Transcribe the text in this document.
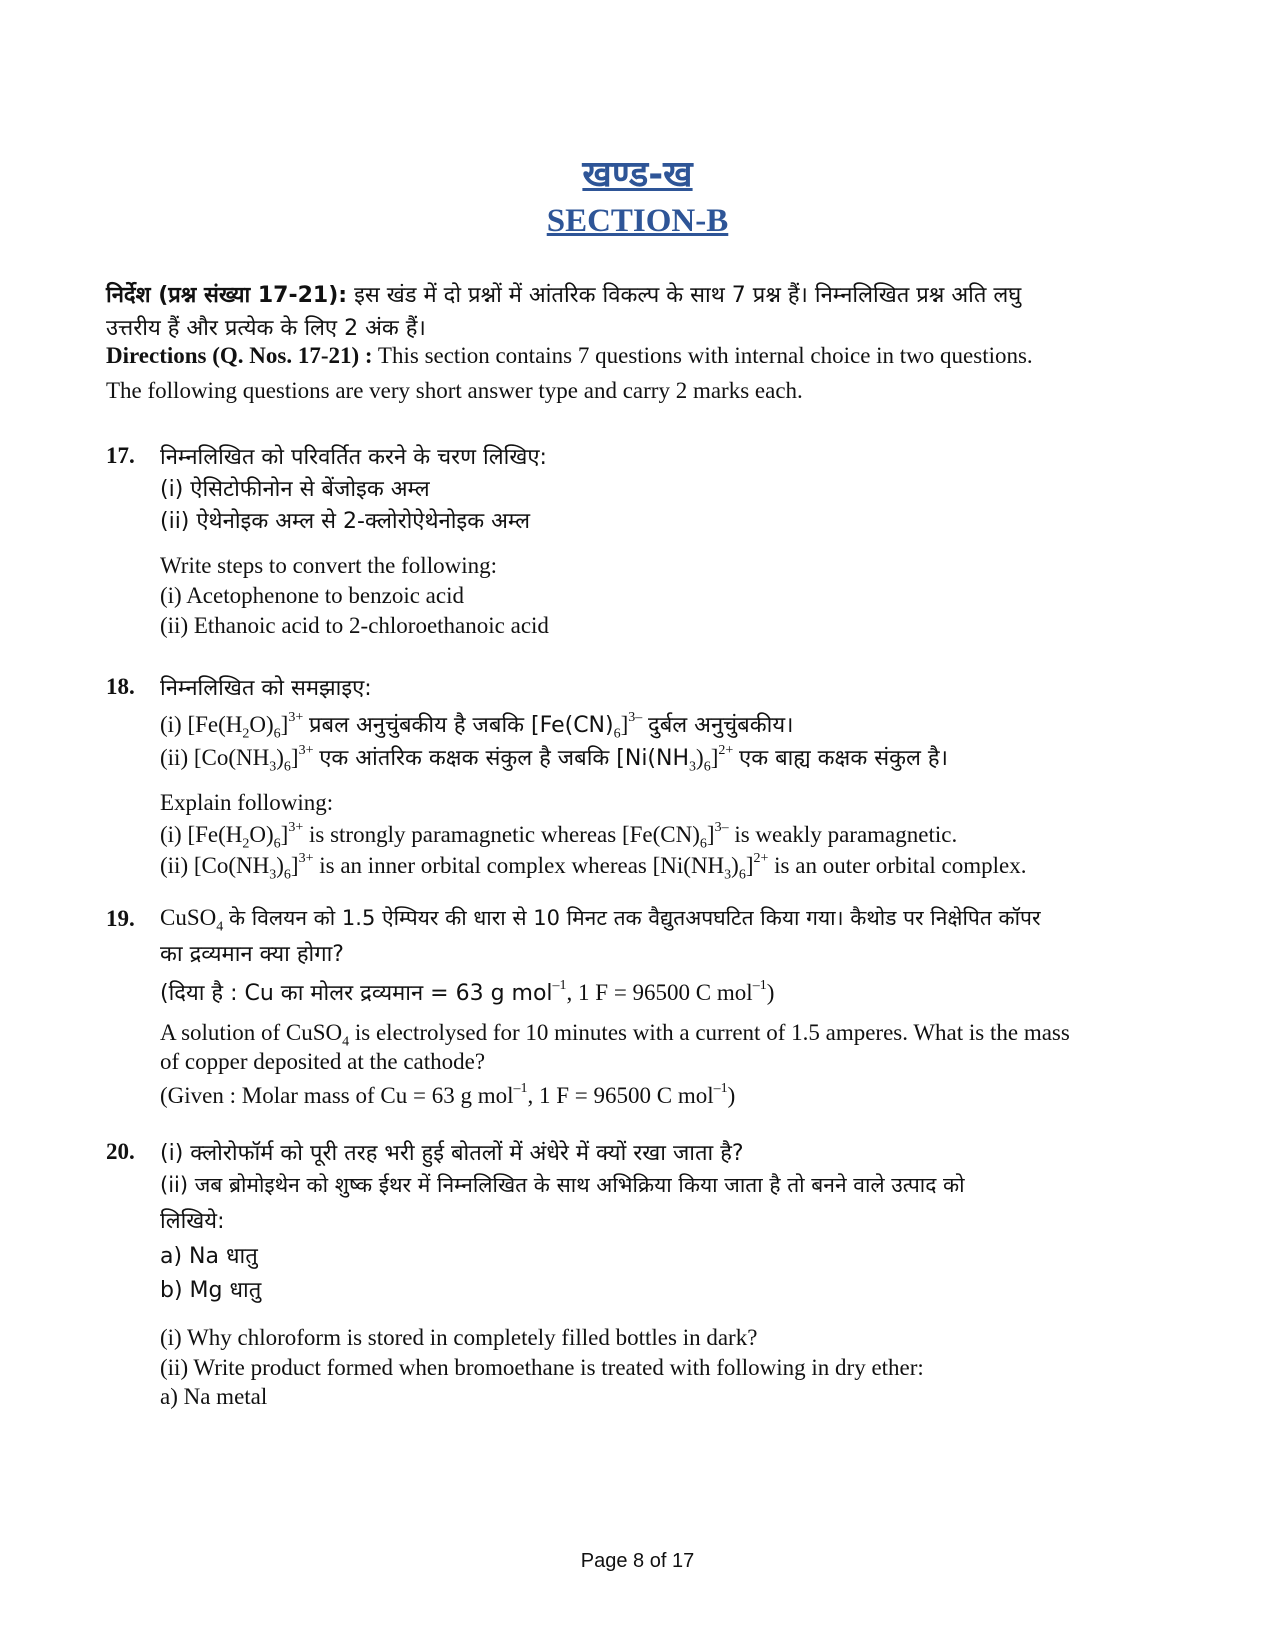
खण्ड-ख
SECTION-B
निर्देश (प्रश्न संख्या 17-21): इस खंड में दो प्रश्नों में आंतरिक विकल्प के साथ 7 प्रश्न हैं। निम्नलिखित प्रश्न अति लघु
उत्तरीय हैं और प्रत्येक के लिए 2 अंक हैं।
Directions (Q. Nos. 17-21) : This section contains 7 questions with internal choice in two questions.
The following questions are very short answer type and carry 2 marks each.
17. निम्नलिखित को परिवर्तित करने के चरण लिखिए:
(i) ऐसिटोफीनोन से बेंजोइक अम्ल
(ii) ऐथेनोइक अम्ल से 2-क्लोरोऐथेनोइक अम्ल
Write steps to convert the following:
(i) Acetophenone to benzoic acid
(ii) Ethanoic acid to 2-chloroethanoic acid
18. निम्नलिखित को समझाइए:
(i) $[Fe(H_2O)_6]^{3+}$ प्रबल अनुचुंबकीय है जबकि $[Fe(CN)_6]^{3-}$ दुर्बल अनुचुंबकीय।
(ii) $[Co(NH_3)_6]^{3+}$ एक आंतरिक कक्षक संकुल है जबकि $[Ni(NH_3)_6]^{2+}$ एक बाह्य कक्षक संकुल है।
Explain following:
(i) $[Fe(H_2O)_6]^{3+}$ is strongly paramagnetic whereas $[Fe(CN)_6]^{3-}$ is weakly paramagnetic.
(ii) $[Co(NH_3)_6]^{3+}$ is an inner orbital complex whereas $[Ni(NH_3)_6]^{2+}$ is an outer orbital complex.
19. CuSO$_4$ के विलयन को 1.5 ऐम्पियर की धारा से 10 मिनट तक वैद्युतअपघटित किया गया। कैथोड पर निक्षेपित कॉपर
का द्रव्यमान क्या होगा?
(दिया है : Cu का मोलर द्रव्यमान = 63 g mol$^{-1}$, 1 F = 96500 C mol$^{-1}$)
A solution of CuSO$_4$ is electrolysed for 10 minutes with a current of 1.5 amperes. What is the mass
of copper deposited at the cathode?
(Given : Molar mass of Cu = 63 g mol$^{-1}$, 1 F = 96500 C mol$^{-1}$)
20. (i) क्लोरोफॉर्म को पूरी तरह भरी हुई बोतलों में अंधेरे में क्यों रखा जाता है?
(ii) जब ब्रोमोइथेन को शुष्क ईथर में निम्नलिखित के साथ अभिक्रिया किया जाता है तो बनने वाले उत्पाद को
लिखिये:
a) Na धातु
b) Mg धातु
(i) Why chloroform is stored in completely filled bottles in dark?
(ii) Write product formed when bromoethane is treated with following in dry ether:
a) Na metal
Page 8 of 17
